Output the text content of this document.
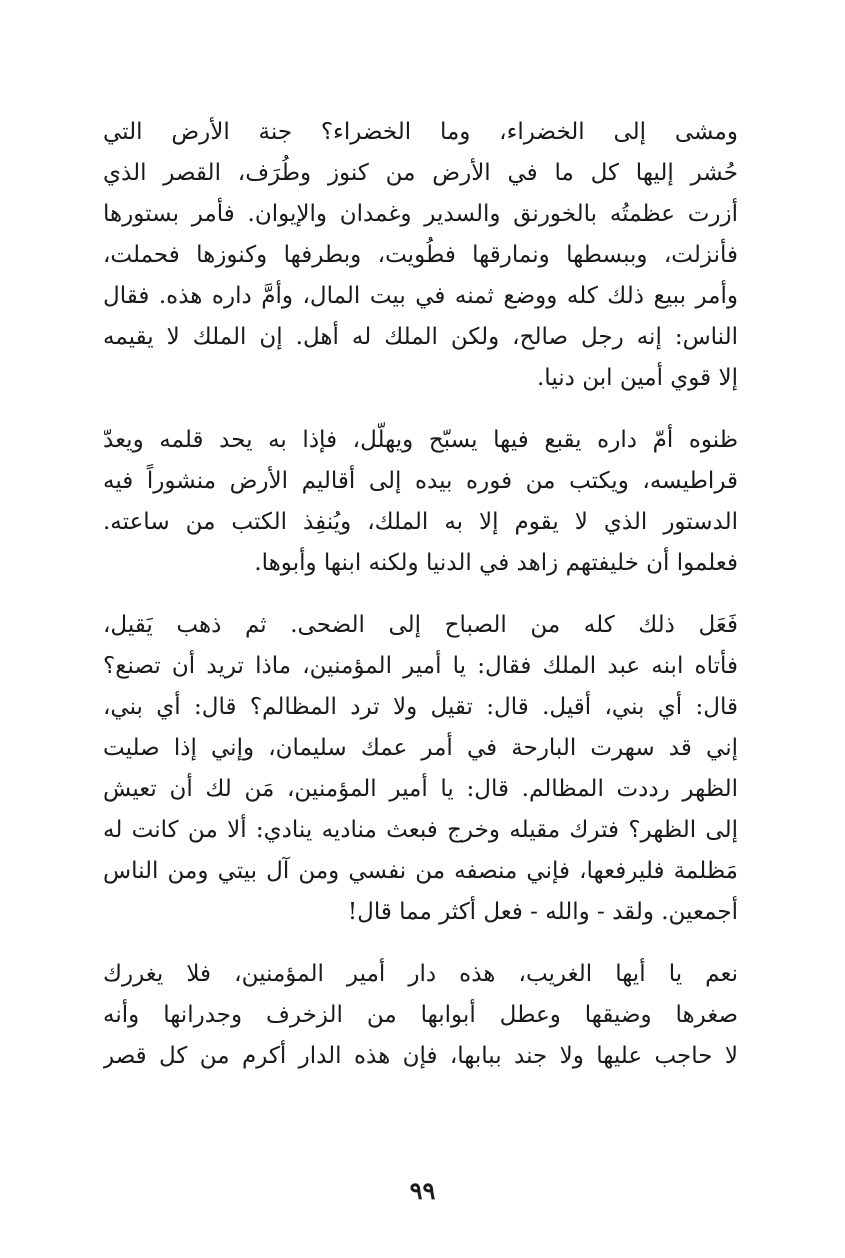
ومشى إلى الخضراء، وما الخضراء؟ جنة الأرض التي
حُشر إليها كل ما في الأرض من كنوز وطُرَف، القصر الذي
أزرت عظمتُه بالخورنق والسدير وغمدان والإيوان. فأمر بستورها
فأنزلت، وببسطها ونمارقها فطُويت، وبطرفها وكنوزها فحملت،
وأمر ببيع ذلك كله ووضع ثمنه في بيت المال، وأمَّ داره هذه. فقال
الناس: إنه رجل صالح، ولكن الملك له أهل. إن الملك لا يقيمه
إلا قوي أمين ابن دنيا.
ظنوه أمّ داره يقبع فيها يسبّح ويهلّل، فإذا به يحد قلمه ويعدّ
قراطيسه، ويكتب من فوره بيده إلى أقاليم الأرض منشوراً فيه
الدستور الذي لا يقوم إلا به الملك، ويُنفِذ الكتب من ساعته.
فعلموا أن خليفتهم زاهد في الدنيا ولكنه ابنها وأبوها.
فَعَل ذلك كله من الصباح إلى الضحى. ثم ذهب يَقيل،
فأتاه ابنه عبد الملك فقال: يا أمير المؤمنين، ماذا تريد أن تصنع؟
قال: أي بني، أقيل. قال: تقيل ولا ترد المظالم؟ قال: أي بني،
إني قد سهرت البارحة في أمر عمك سليمان، وإني إذا صليت
الظهر رددت المظالم. قال: يا أمير المؤمنين، مَن لك أن تعيش
إلى الظهر؟ فترك مقيله وخرج فبعث مناديه ينادي: ألا من كانت له
مَظلمة فليرفعها، فإني منصفه من نفسي ومن آل بيتي ومن الناس
أجمعين. ولقد - والله - فعل أكثر مما قال!
نعم يا أيها الغريب، هذه دار أمير المؤمنين، فلا يغررك
صغرها وضيقها وعطل أبوابها من الزخرف وجدرانها وأنه
لا حاجب عليها ولا جند ببابها، فإن هذه الدار أكرم من كل قصر
٩٩
